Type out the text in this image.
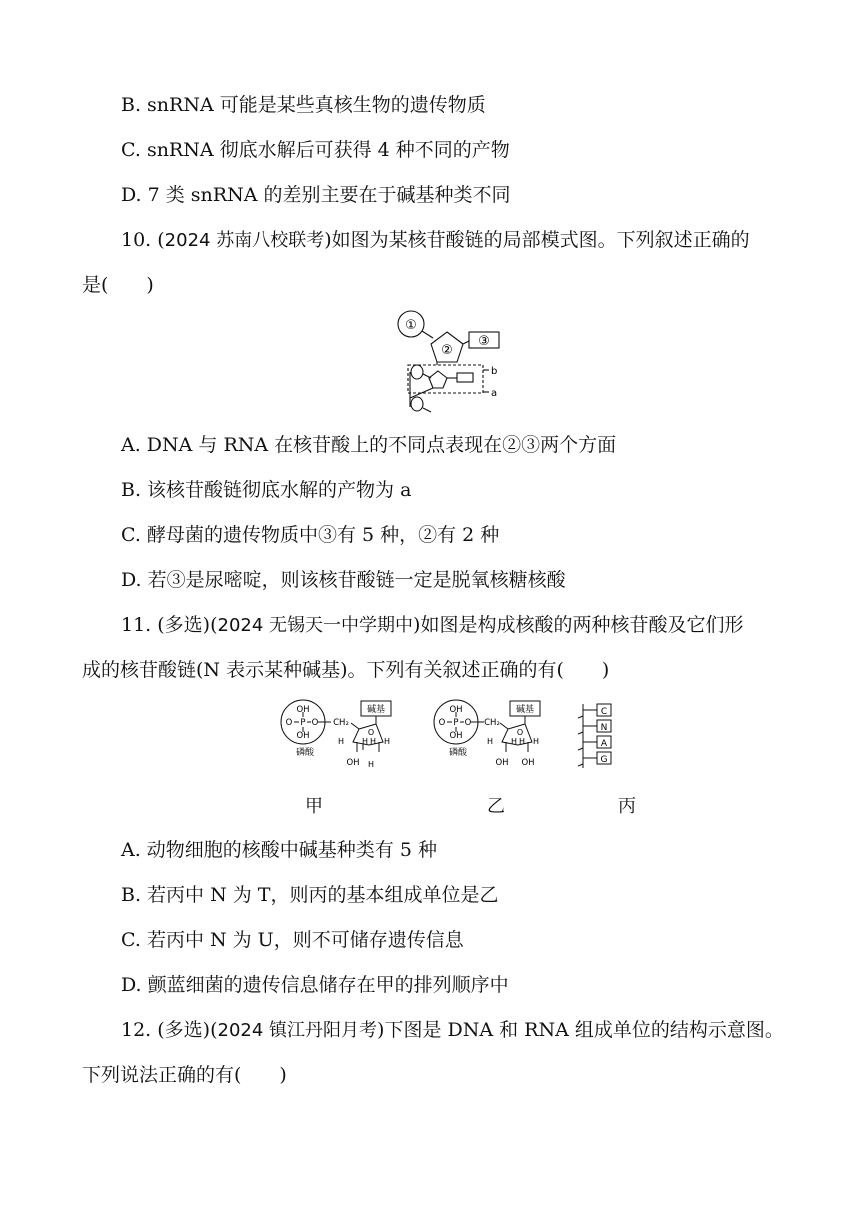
B. snRNA 可能是某些真核生物的遗传物质
C. snRNA 彻底水解后可获得 4 种不同的产物
D. 7 类 snRNA 的差别主要在于碱基种类不同
10. (2024 苏南八校联考)如图为某核苷酸链的局部模式图。下列叙述正确的
是(　　)
①
②
③
b
a
A. DNA 与 RNA 在核苷酸上的不同点表现在②③两个方面
B. 该核苷酸链彻底水解的产物为 a
C. 酵母菌的遗传物质中③有 5 种，②有 2 种
D. 若③是尿嘧啶，则该核苷酸链一定是脱氧核糖核酸
11. (多选)(2024 无锡天一中学期中)如图是构成核酸的两种核苷酸及它们形
成的核苷酸链(N 表示某种碱基)。下列有关叙述正确的有(　　)
OH
O P O
OH
CH₂
碱基
O
磷酸
H H H H
OH H
OH
O P O
OH
CH₂
碱基
O
磷酸
H H H H
OH OH
C
N
A
G
甲	乙	丙
A. 动物细胞的核酸中碱基种类有 5 种
B. 若丙中 N 为 T，则丙的基本组成单位是乙
C. 若丙中 N 为 U，则不可储存遗传信息
D. 颤蓝细菌的遗传信息储存在甲的排列顺序中
12. (多选)(2024 镇江丹阳月考)下图是 DNA 和 RNA 组成单位的结构示意图。
下列说法正确的有(　　)
